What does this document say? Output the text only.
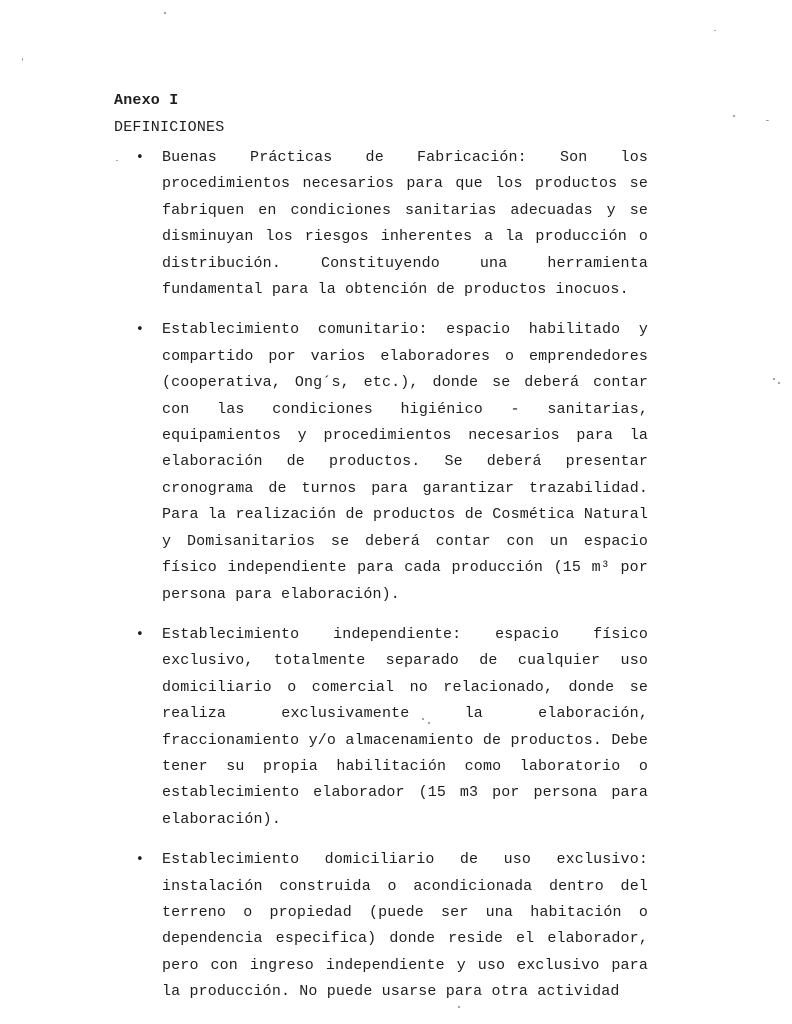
Anexo I
DEFINICIONES
• Buenas Prácticas de Fabricación: Son los procedimientos necesarios para que los productos se fabriquen en condiciones sanitarias adecuadas y se disminuyan los riesgos inherentes a la producción o distribución. Constituyendo una herramienta fundamental para la obtención de productos inocuos.
• Establecimiento comunitario: espacio habilitado y compartido por varios elaboradores o emprendedores (cooperativa, Ong´s, etc.), donde se deberá contar con las condiciones higiénico - sanitarias, equipamientos y procedimientos necesarios para la elaboración de productos. Se deberá presentar cronograma de turnos para garantizar trazabilidad. Para la realización de productos de Cosmética Natural y Domisanitarios se deberá contar con un espacio físico independiente para cada producción (15 m³ por persona para elaboración).
• Establecimiento independiente: espacio físico exclusivo, totalmente separado de cualquier uso domiciliario o comercial no relacionado, donde se realiza exclusivamente la elaboración, fraccionamiento y/o almacenamiento de productos. Debe tener su propia habilitación como laboratorio o establecimiento elaborador (15 m3 por persona para elaboración).
• Establecimiento domiciliario de uso exclusivo: instalación construida o acondicionada dentro del terreno o propiedad (puede ser una habitación o dependencia especifica) donde reside el elaborador, pero con ingreso independiente y uso exclusivo para la producción. No puede usarse para otra actividad
